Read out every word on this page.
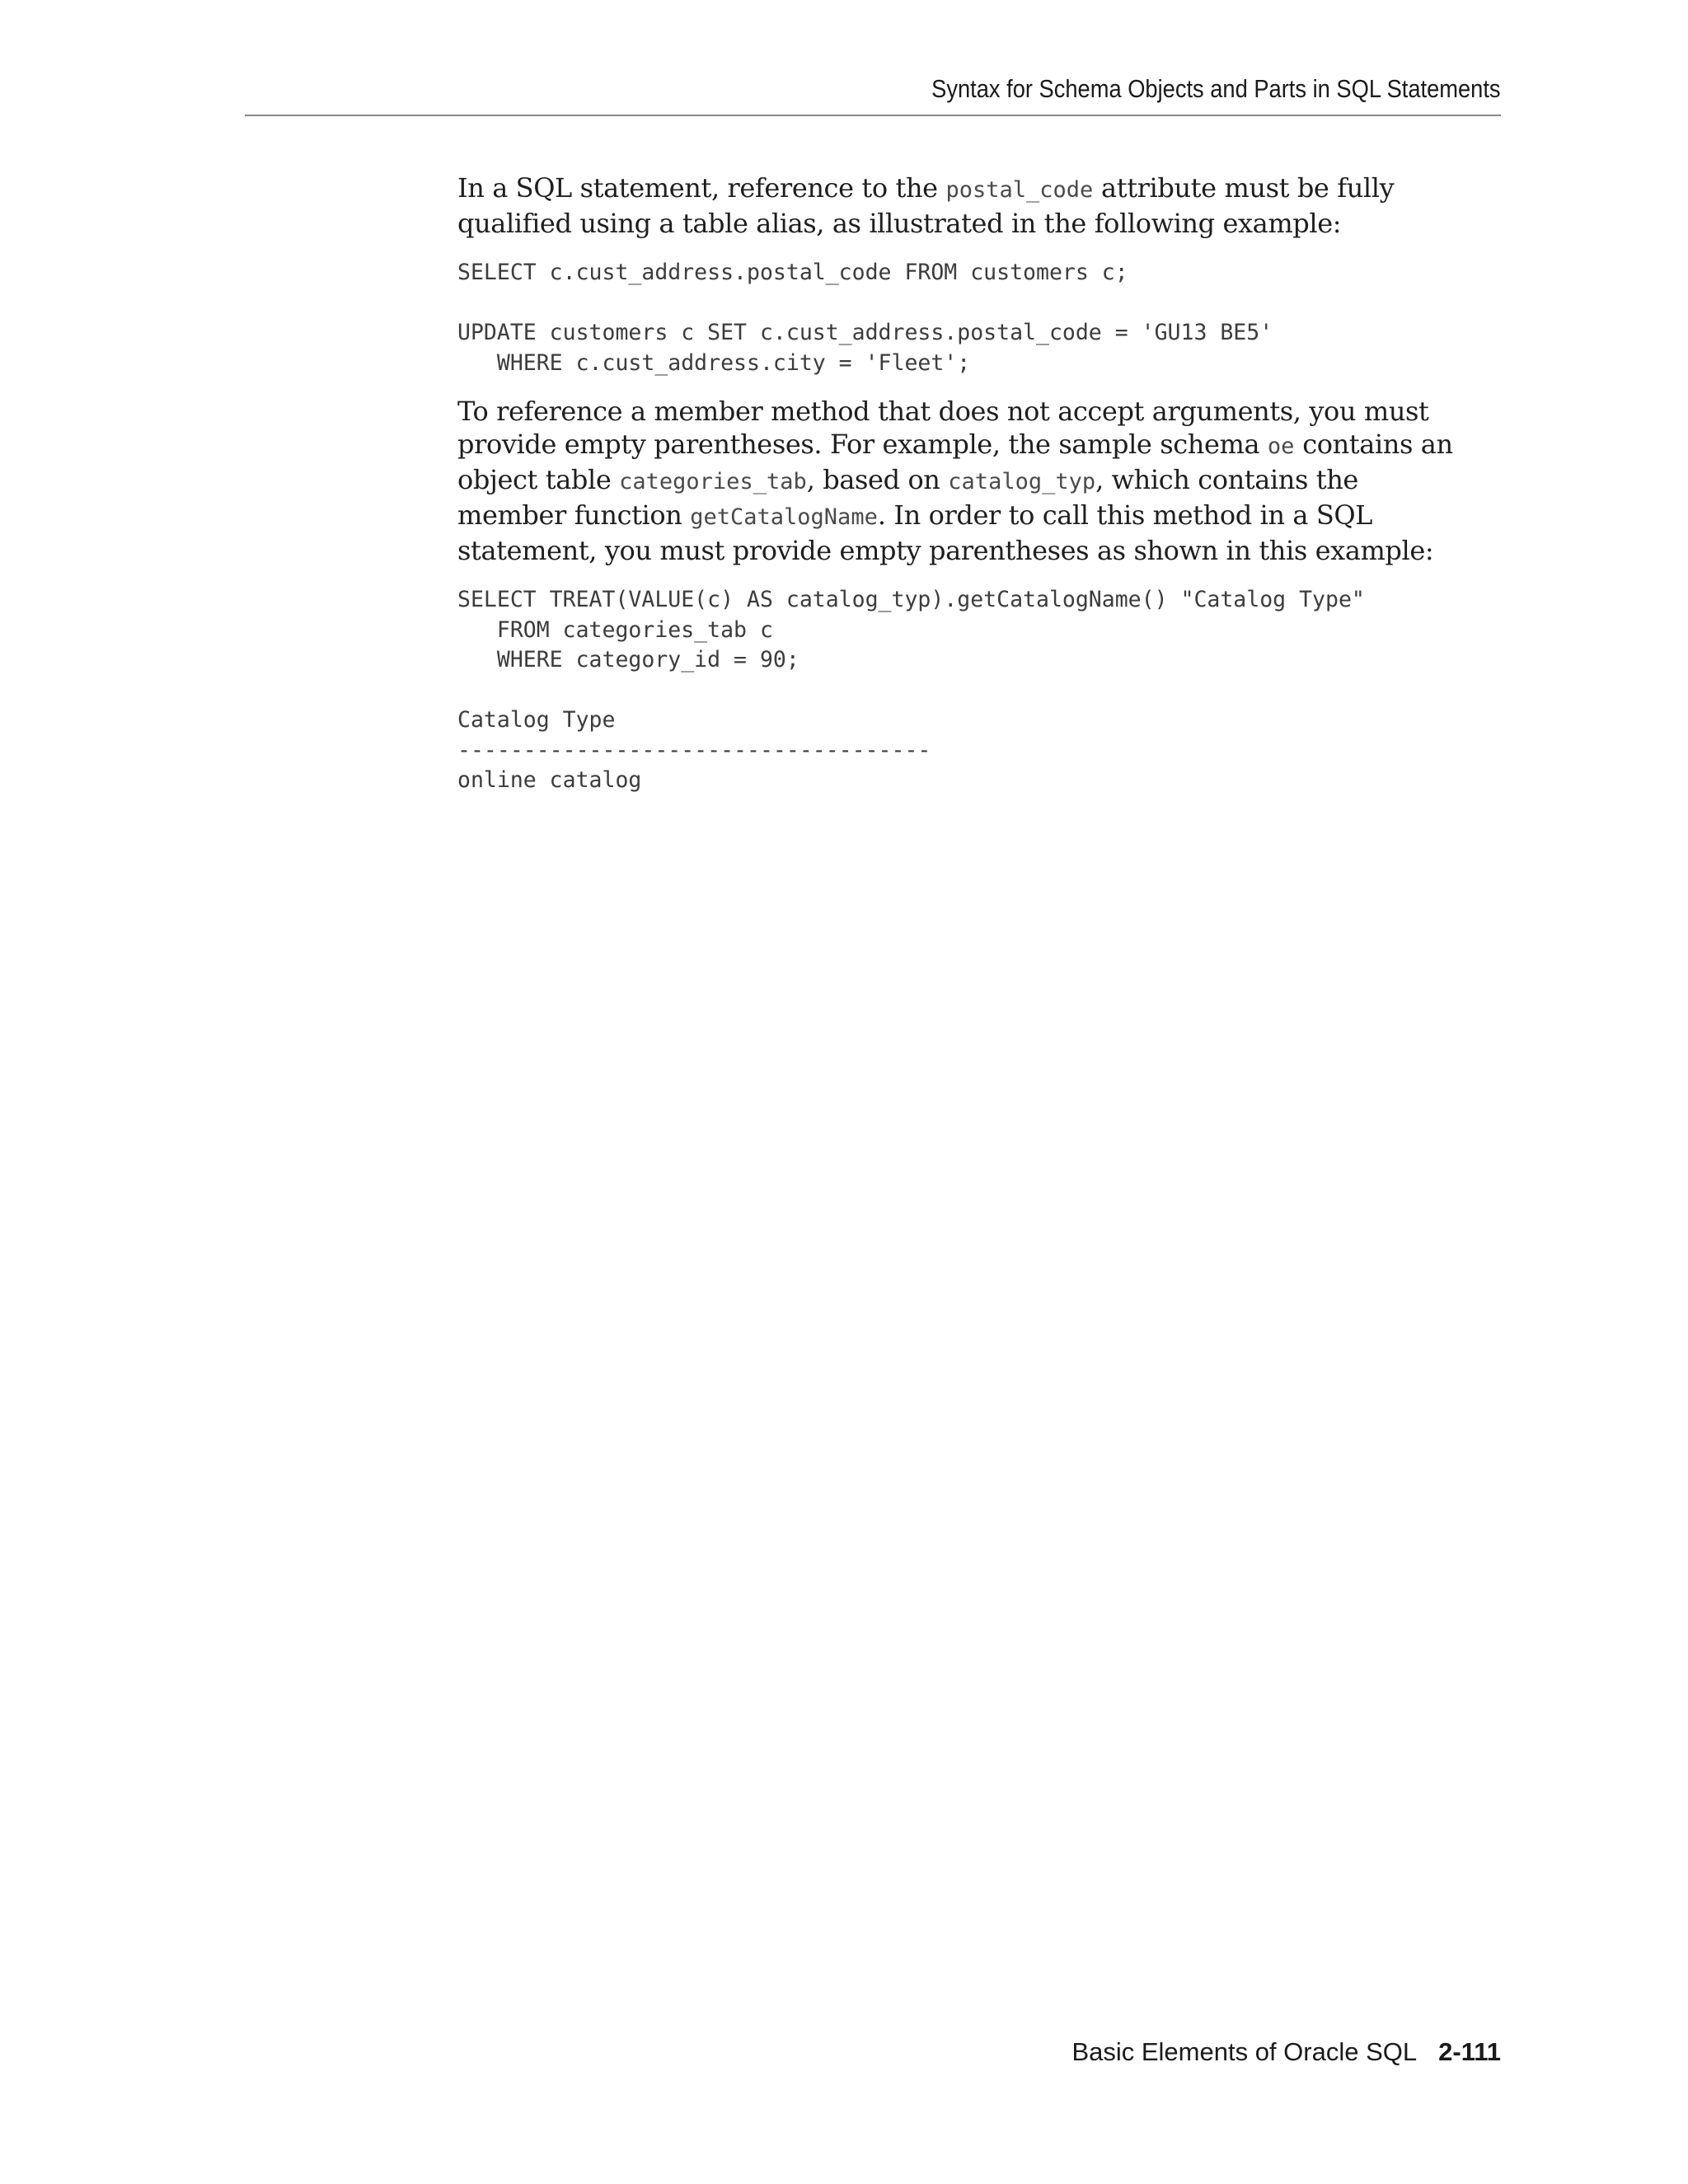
Syntax for Schema Objects and Parts in SQL Statements

In a SQL statement, reference to the postal_code attribute must be fully qualified using a table alias, as illustrated in the following example:

SELECT c.cust_address.postal_code FROM customers c;

UPDATE customers c SET c.cust_address.postal_code = 'GU13 BE5'
WHERE c.cust_address.city = 'Fleet';

To reference a member method that does not accept arguments, you must provide empty parentheses. For example, the sample schema oe contains an object table categories_tab, based on catalog_typ, which contains the member function getCatalogName. In order to call this method in a SQL statement, you must provide empty parentheses as shown in this example:

SELECT TREAT(VALUE(c) AS catalog_typ).getCatalogName() "Catalog Type"
FROM categories_tab c
WHERE category_id = 90;

Catalog Type
------------------------------------
online catalog
Basic Elements of Oracle SQL 2-111
